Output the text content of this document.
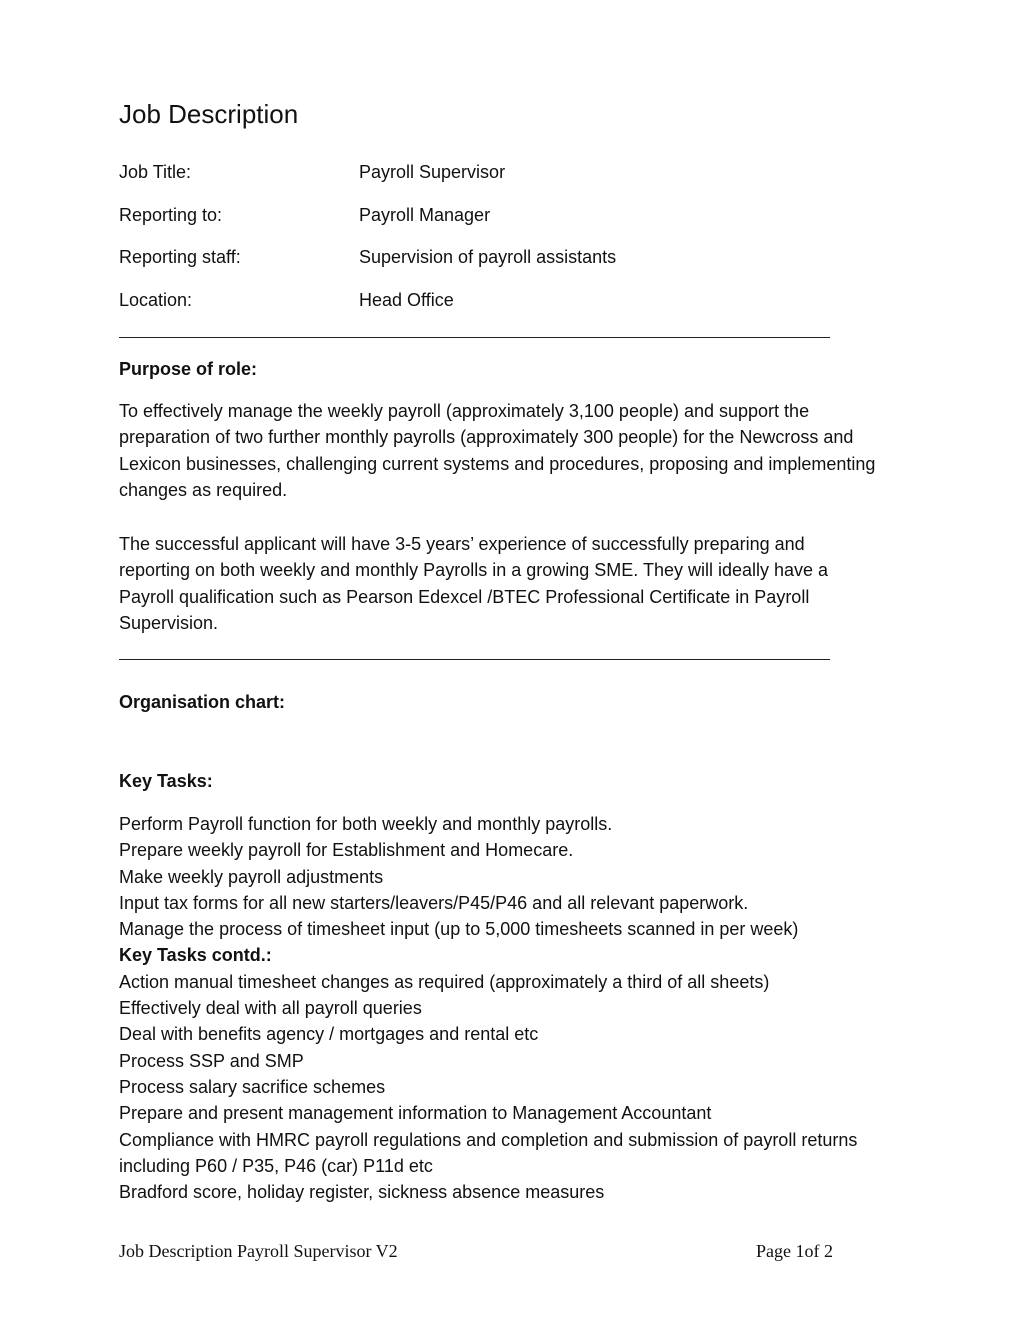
Job Description
Job Title:	Payroll Supervisor
Reporting to:	Payroll Manager
Reporting staff:	Supervision of payroll assistants
Location:	Head Office
Purpose of role:

To effectively manage the weekly payroll (approximately 3,100 people) and support the preparation of two further monthly payrolls (approximately 300 people) for the Newcross and Lexicon businesses, challenging current systems and procedures, proposing and implementing changes as required.

The successful applicant will have 3-5 years’ experience of successfully preparing and reporting on both weekly and monthly Payrolls in a growing SME. They will ideally have a Payroll qualification such as Pearson Edexcel /BTEC Professional Certificate in Payroll Supervision.

Organisation chart:
Key Tasks:
Perform Payroll function for both weekly and monthly payrolls.
Prepare weekly payroll for Establishment and Homecare.
Make weekly payroll adjustments
Input tax forms for all new starters/leavers/P45/P46 and all relevant paperwork.
Manage the process of timesheet input (up to 5,000 timesheets scanned in per week)
Key Tasks contd.:
Action manual timesheet changes as required (approximately a third of all sheets)
Effectively deal with all payroll queries
Deal with benefits agency / mortgages and rental etc
Process SSP and SMP
Process salary sacrifice schemes
Prepare and present management information to Management Accountant
Compliance with HMRC payroll regulations and completion and submission of payroll returns including P60 / P35, P46 (car) P11d etc
Bradford score, holiday register, sickness absence measures
Job Description Payroll Supervisor V2	Page 1of 2
